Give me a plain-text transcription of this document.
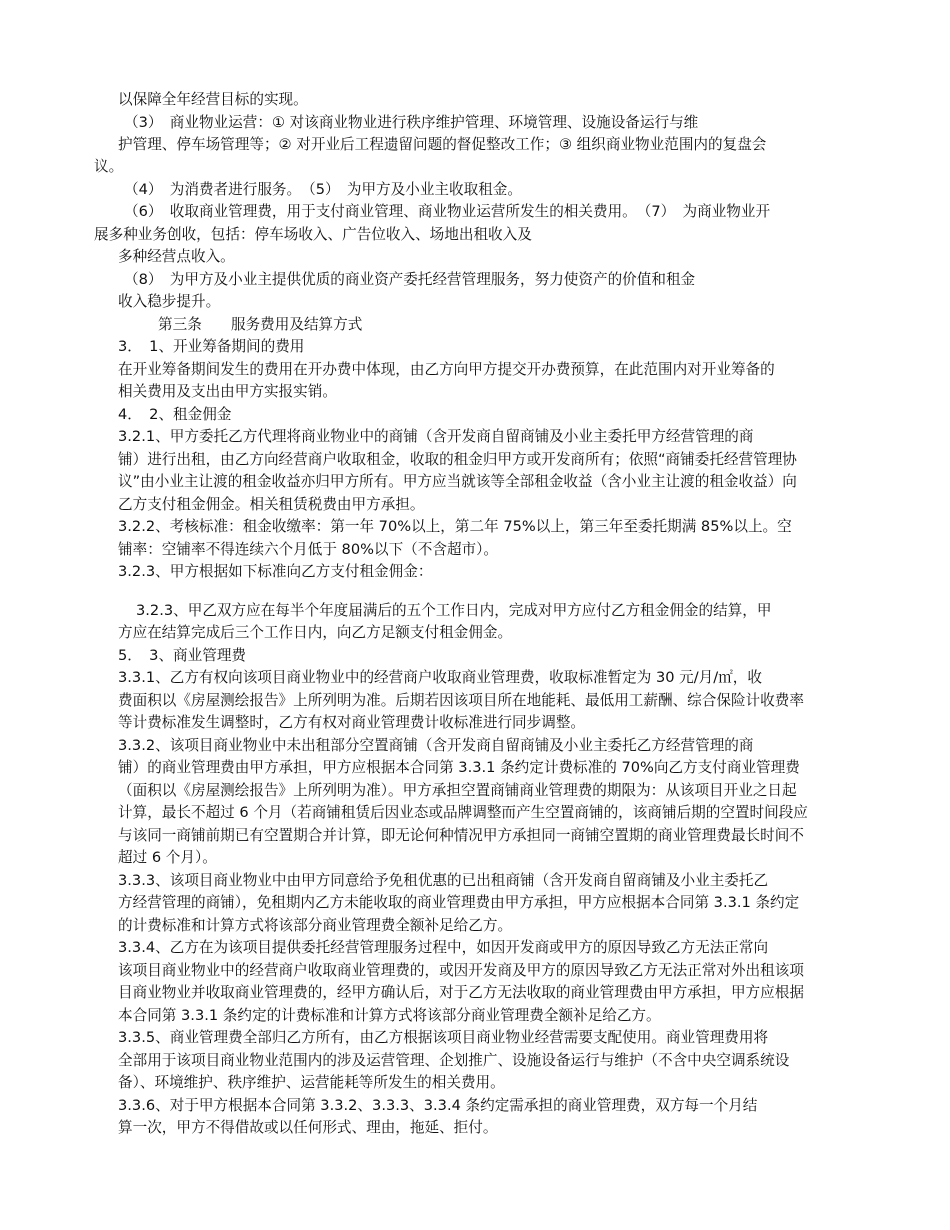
以保障全年经营目标的实现。
（3）　商业物业运营：① 对该商业物业进行秩序维护管理、环境管理、设施设备运行与维
护管理、停车场管理等；② 对开业后工程遗留问题的督促整改工作；③ 组织商业物业范围内的复盘会
议。
（4）　为消费者进行服务。　（5）　为甲方及小业主收取租金。
（6）　收取商业管理费，用于支付商业管理、商业物业运营所发生的相关费用。　（7）　为商业物业开
展多种业务创收，包括：停车场收入、广告位收入、场地出租收入及
多种经营点收入。
（8）　为甲方及小业主提供优质的商业资产委托经营管理服务，努力使资产的价值和租金
收入稳步提升。
第三条　　服务费用及结算方式
3．　1、开业筹备期间的费用
在开业筹备期间发生的费用在开办费中体现，由乙方向甲方提交开办费预算，在此范围内对开业筹备的
相关费用及支出由甲方实报实销。
4．　2、租金佣金
3.2.1、甲方委托乙方代理将商业物业中的商铺（含开发商自留商铺及小业主委托甲方经营管理的商
铺）进行出租，由乙方向经营商户收取租金，收取的租金归甲方或开发商所有；依照“商铺委托经营管理协
议”由小业主让渡的租金收益亦归甲方所有。甲方应当就该等全部租金收益（含小业主让渡的租金收益）向
乙方支付租金佣金。相关租赁税费由甲方承担。
3.2.2、考核标准：租金收缴率：第一年 70%以上，第二年 75%以上，第三年至委托期满 85%以上。空
铺率：空铺率不得连续六个月低于 80%以下（不含超市）。
3.2.3、甲方根据如下标准向乙方支付租金佣金：
3.2.3、甲乙双方应在每半个年度届满后的五个工作日内，完成对甲方应付乙方租金佣金的结算，甲
方应在结算完成后三个工作日内，向乙方足额支付租金佣金。
5．　3、商业管理费
3.3.1、乙方有权向该项目商业物业中的经营商户收取商业管理费，收取标准暂定为 30 元/月/㎡，收
费面积以《房屋测绘报告》上所列明为准。后期若因该项目所在地能耗、最低用工薪酬、综合保险计收费率
等计费标准发生调整时，乙方有权对商业管理费计收标准进行同步调整。
3.3.2、该项目商业物业中未出租部分空置商铺（含开发商自留商铺及小业主委托乙方经营管理的商
铺）的商业管理费由甲方承担，甲方应根据本合同第 3.3.1 条约定计费标准的 70%向乙方支付商业管理费
（面积以《房屋测绘报告》上所列明为准）。甲方承担空置商铺商业管理费的期限为：从该项目开业之日起
计算，最长不超过 6 个月（若商铺租赁后因业态或品牌调整而产生空置商铺的，该商铺后期的空置时间段应
与该同一商铺前期已有空置期合并计算，即无论何种情况甲方承担同一商铺空置期的商业管理费最长时间不
超过 6 个月）。
3.3.3、该项目商业物业中由甲方同意给予免租优惠的已出租商铺（含开发商自留商铺及小业主委托乙
方经营管理的商铺），免租期内乙方未能收取的商业管理费由甲方承担，甲方应根据本合同第 3.3.1 条约定
的计费标准和计算方式将该部分商业管理费全额补足给乙方。
3.3.4、乙方在为该项目提供委托经营管理服务过程中，如因开发商或甲方的原因导致乙方无法正常向
该项目商业物业中的经营商户收取商业管理费的，或因开发商及甲方的原因导致乙方无法正常对外出租该项
目商业物业并收取商业管理费的，经甲方确认后，对于乙方无法收取的商业管理费由甲方承担，甲方应根据
本合同第 3.3.1 条约定的计费标准和计算方式将该部分商业管理费全额补足给乙方。
3.3.5、商业管理费全部归乙方所有，由乙方根据该项目商业物业经营需要支配使用。商业管理费用将
全部用于该项目商业物业范围内的涉及运营管理、企划推广、设施设备运行与维护（不含中央空调系统设
备）、环境维护、秩序维护、运营能耗等所发生的相关费用。
3.3.6、对于甲方根据本合同第 3.3.2、3.3.3、3.3.4 条约定需承担的商业管理费，双方每一个月结
算一次，甲方不得借故或以任何形式、理由，拖延、拒付。
